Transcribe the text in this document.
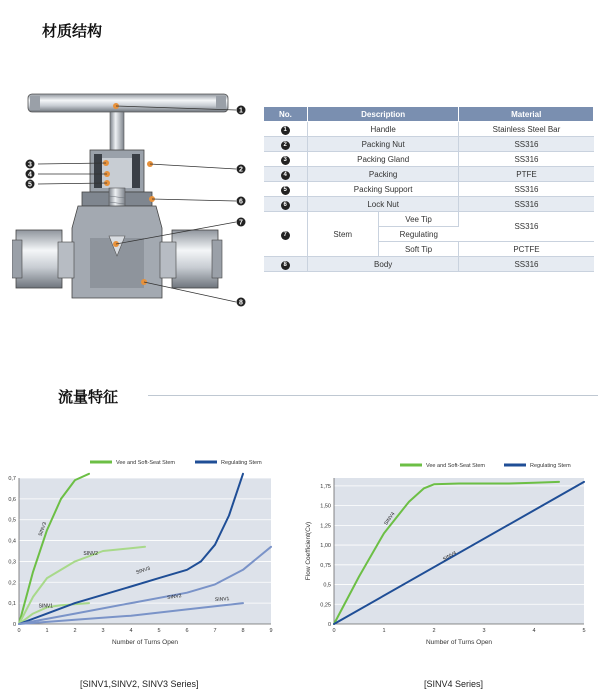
材质结构
1
2
3
4
5
6
7
8
No.	Description		Material
1	Handle		Stainless Steel Bar
2	Packing Nut		SS316
3	Packing Gland		SS316
4	Packing		PTFE
5	Packing Support		SS316
6	Lock Nut		SS316
7	Stem	Vee Tip	SS316
		Regulating	
		Soft Tip	PCTFE
8	Body		SS316
流量特征
0
0,1
0,2
0,3
0,4
0,5
0,6
0,7
0	1	2	3	4	5	6	7	8	9
Number of Turns Open
Vee and Soft-Seat Stem	Regulating Stem
SINV3
SINV2
SINV1
SINV3
SINV2	SINV1
[SINV1,SINV2, SINV3 Series]
0
0,25
0,5
0,75
1,00
1,25
1,50
1,75
0	1	2	3	4	5
Number of Turns Open
Flow Coefficient(Cv)
Vee and Soft-Seat Stem	Regulating Stem
SINV4
SINV4
[SINV4 Series]
